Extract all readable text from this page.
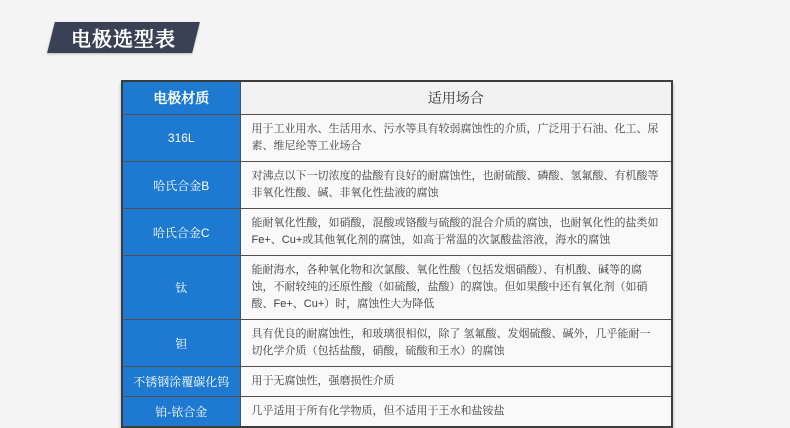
电极选型表
电极材质	适用场合
316L	用于工业用水、生活用水、污水等具有较弱腐蚀性的介质，广泛用于石油、化工、尿素、维尼纶等工业场合
哈氏合金B	对沸点以下一切浓度的盐酸有良好的耐腐蚀性，也耐硫酸、磷酸、氢氟酸、有机酸等非氧化性酸、碱、非氧化性盐液的腐蚀
哈氏合金C	能耐氧化性酸，如硝酸，混酸或铬酸与硫酸的混合介质的腐蚀，也耐氧化性的盐类如Fe+、Cu+或其他氧化剂的腐蚀，如高于常温的次氯酸盐溶液，海水的腐蚀
钛	能耐海水，各种氧化物和次氯酸、氧化性酸（包括发烟硝酸）、有机酸、碱等的腐蚀，不耐较纯的还原性酸（如硫酸，盐酸）的腐蚀。但如果酸中还有氧化剂（如硝酸、Fe+、Cu+）时，腐蚀性大为降低
钽	具有优良的耐腐蚀性，和玻璃很相似，除了 氢氟酸、发烟硫酸、碱外，几乎能耐一切化学介质（包括盐酸，硝酸，硫酸和王水）的腐蚀
不锈钢涂覆碳化钨	用于无腐蚀性，强磨损性介质
铂-铱合金	几乎适用于所有化学物质，但不适用于王水和盐铵盐
